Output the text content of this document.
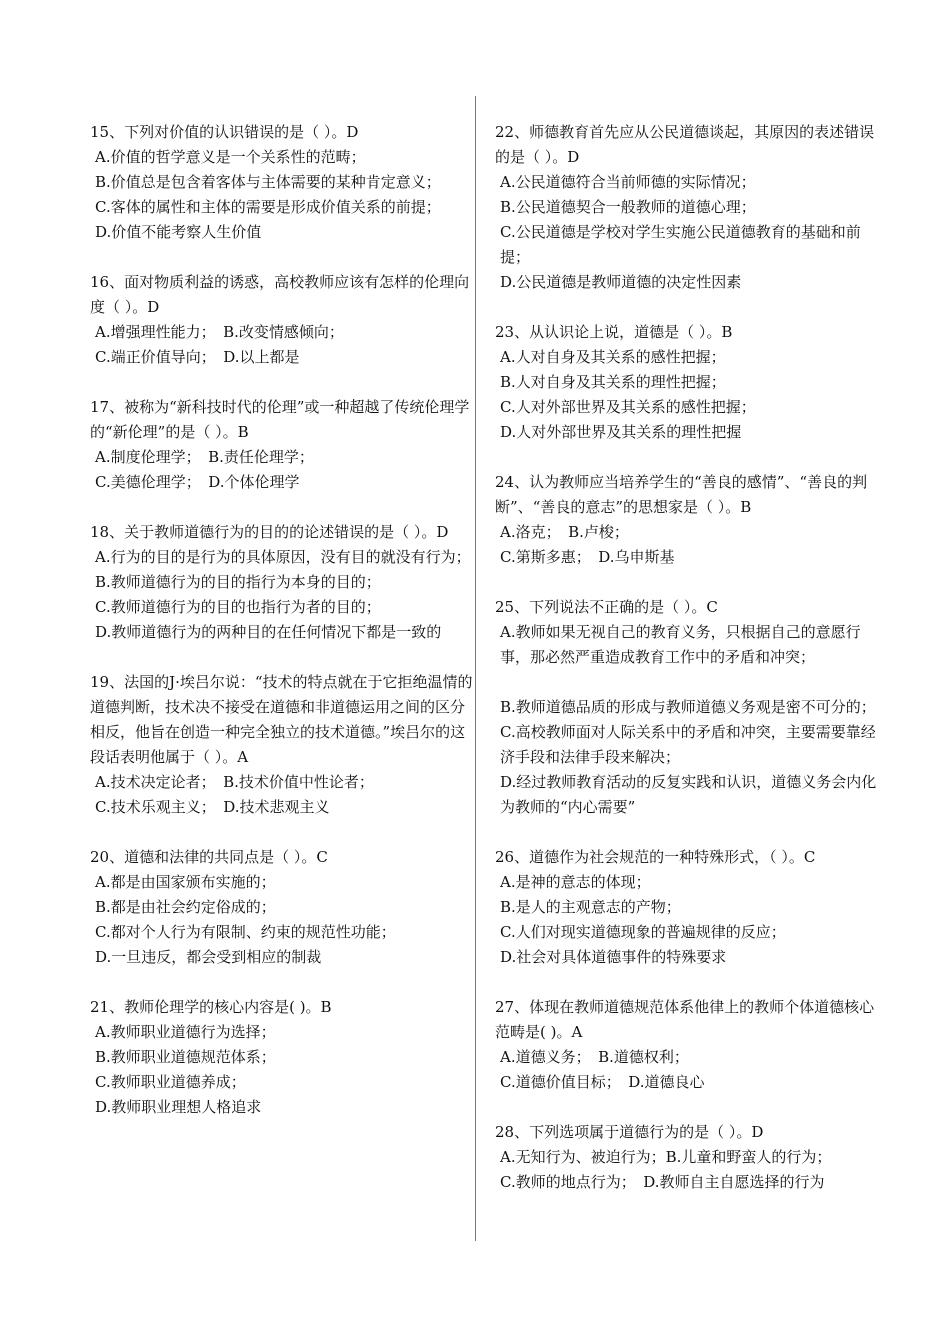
15、下列对价值的认识错误的是（ ）。D

A.价值的哲学意义是一个关系性的范畴；

B.价值总是包含着客体与主体需要的某种肯定意义；

C.客体的属性和主体的需要是形成价值关系的前提；

D.价值不能考察人生价值

16、面对物质利益的诱惑，高校教师应该有怎样的伦理向度（ ）。D

A.增强理性能力；　B.改变情感倾向；

C.端正价值导向；　D.以上都是

17、被称为“新科技时代的伦理”或一种超越了传统伦理学的“新伦理”的是（ ）。B

A.制度伦理学；　B.责任伦理学；

C.美德伦理学；　D.个体伦理学

18、关于教师道德行为的目的的论述错误的是（ ）。D

A.行为的目的是行为的具体原因，没有目的就没有行为；

B.教师道德行为的目的指行为本身的目的；

C.教师道德行为的目的也指行为者的目的；

D.教师道德行为的两种目的在任何情况下都是一致的

19、法国的J·埃吕尔说：“技术的特点就在于它拒绝温情的道德判断，技术决不接受在道德和非道德运用之间的区分相反，他旨在创造一种完全独立的技术道德。”埃吕尔的这段话表明他属于（ ）。A

A.技术决定论者；　B.技术价值中性论者；

C.技术乐观主义；　D.技术悲观主义

20、道德和法律的共同点是（ ）。C

A.都是由国家颁布实施的；

B.都是由社会约定俗成的；

C.都对个人行为有限制、约束的规范性功能；

D.一旦违反，都会受到相应的制裁

21、教师伦理学的核心内容是( )。B

A.教师职业道德行为选择；

B.教师职业道德规范体系；

C.教师职业道德养成；

D.教师职业理想人格追求

22、师德教育首先应从公民道德谈起，其原因的表述错误的是（ ）。D

A.公民道德符合当前师德的实际情况；

B.公民道德契合一般教师的道德心理；

C.公民道德是学校对学生实施公民道德教育的基础和前提；

D.公民道德是教师道德的决定性因素

23、从认识论上说，道德是（ ）。B

A.人对自身及其关系的感性把握；

B.人对自身及其关系的理性把握；

C.人对外部世界及其关系的感性把握；

D.人对外部世界及其关系的理性把握

24、认为教师应当培养学生的“善良的感情”、“善良的判断”、“善良的意志”的思想家是（ ）。B

A.洛克；　B.卢梭；

C.第斯多惠；　D.乌申斯基

25、下列说法不正确的是（ ）。C

A.教师如果无视自己的教育义务，只根据自己的意愿行事，那必然严重造成教育工作中的矛盾和冲突；

B.教师道德品质的形成与教师道德义务观是密不可分的；

C.高校教师面对人际关系中的矛盾和冲突，主要需要靠经济手段和法律手段来解决；

D.经过教师教育活动的反复实践和认识，道德义务会内化为教师的“内心需要”

26、道德作为社会规范的一种特殊形式，（ ）。C

A.是神的意志的体现；

B.是人的主观意志的产物；

C.人们对现实道德现象的普遍规律的反应；

D.社会对具体道德事件的特殊要求

27、体现在教师道德规范体系他律上的教师个体道德核心范畴是( )。A

A.道德义务；　B.道德权利；

C.道德价值目标；　D.道德良心

28、下列选项属于道德行为的是（ ）。D

A.无知行为、被迫行为；B.儿童和野蛮人的行为；

C.教师的地点行为；　D.教师自主自愿选择的行为
